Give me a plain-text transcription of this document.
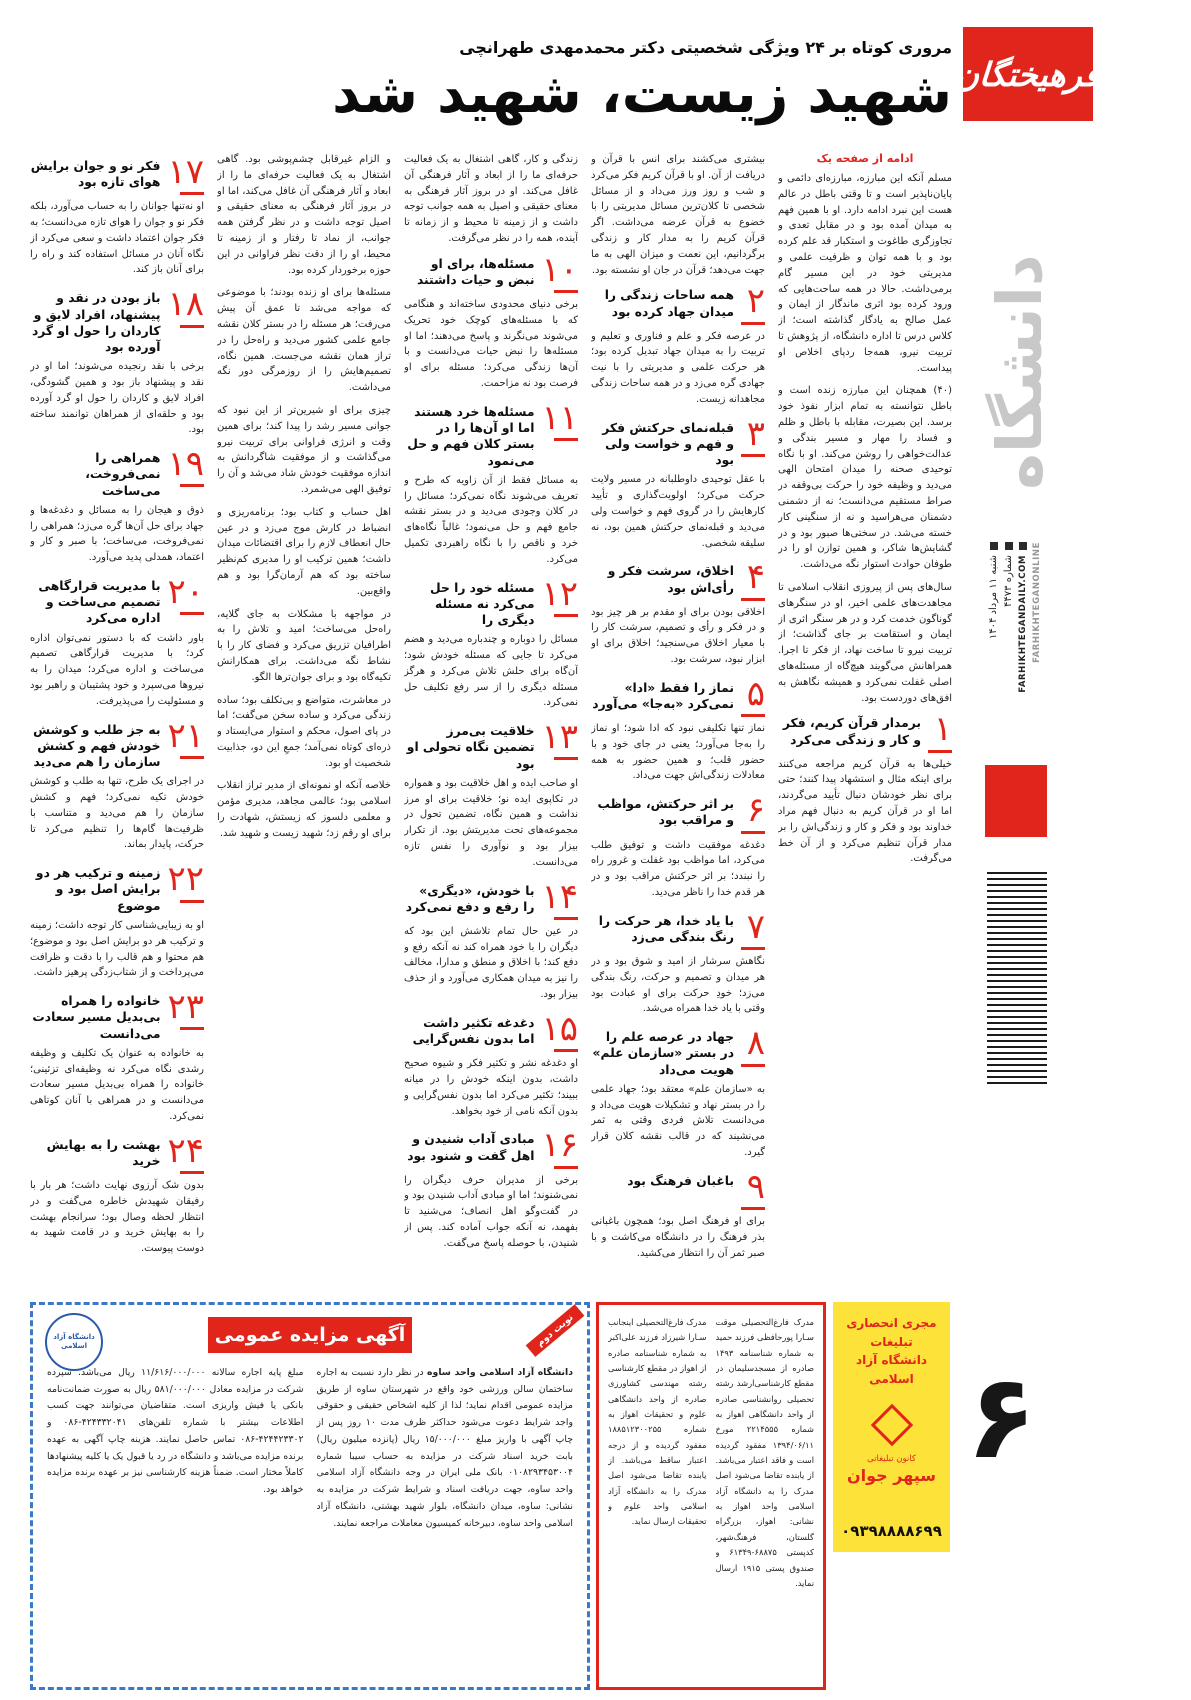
فرهیختگان
دانشگاه
شنبه ۱۱ مرداد ۱۴۰۴
شماره ۴۴۷۳ FARHIKHTEGANDAILY.COM FARHIKHTEGANONLINE
۶
مروری کوتاه بر ۲۴ ویژگی شخصیتی دکتر محمدمهدی طهرانچی
شهید زیست، شهید شد
ادامه از صفحه یک

مسلم آنکه این مبارزه، مبارزه‌ای دائمی و پایان‌ناپذیر است و تا وقتی باطل در عالم هست این نبرد ادامه دارد. او با همین فهم به میدان آمده بود و در مقابل تعدی و تجاوزگری طاغوت و استکبار قد علم کرده بود و با همه توان و ظرفیت علمی و مدیریتی خود در این مسیر گام برمی‌داشت. حالا در همه ساحت‌هایی که ورود کرده بود اثری ماندگار از ایمان و عمل صالح به یادگار گذاشته است؛ از کلاس درس تا اداره دانشگاه، از پژوهش تا تربیت نیرو، همه‌جا ردپای اخلاص او پیداست.

(۴۰) همچنان این مبارزه زنده است و باطل نتوانسته به تمام ابزار نفوذ خود برسد. این بصیرت، مقابله با باطل و ظلم و فساد را مهار و مسیر بندگی و عدالت‌خواهی را روشن می‌کند. او با نگاه توحیدی صحنه را میدان امتحان الهی می‌دید و وظیفه خود را حرکت بی‌وقفه در صراط مستقیم می‌دانست؛ نه از دشمنی دشمنان می‌هراسید و نه از سنگینی کار خسته می‌شد. در سختی‌ها صبور بود و در گشایش‌ها شاکر، و همین توازن او را در طوفان حوادث استوار نگه می‌داشت.

سال‌های پس از پیروزی انقلاب اسلامی تا مجاهدت‌های علمی اخیر، او در سنگرهای گوناگون خدمت کرد و در هر سنگر اثری از ایمان و استقامت بر جای گذاشت؛ از تربیت نیرو تا ساخت نهاد، از فکر تا اجرا. همراهانش می‌گویند هیچ‌گاه از مسئله‌های اصلی غفلت نمی‌کرد و همیشه نگاهش به افق‌های دوردست بود.

۱
برمدار قرآن کریم، فکر و کار و زندگی می‌کرد

خیلی‌ها به قرآن کریم مراجعه می‌کنند برای اینکه مثال و استشهاد پیدا کنند؛ حتی برای نظر خودشان دنبال تأیید می‌گردند، اما او در قرآن کریم به دنبال فهم مراد خداوند بود و فکر و کار و زندگی‌اش را بر مدار قرآن تنظیم می‌کرد و از آن خط می‌گرفت.

بیشتری می‌کشند برای انس با قرآن و دریافت از آن. او با قرآن کریم فکر می‌کرد و شب و روز ورز می‌داد و از مسائل شخصی تا کلان‌ترین مسائل مدیریتی را با خضوع به قرآن عرضه می‌داشت. اگر قرآن کریم را به مدار کار و زندگی برگردانیم، این نعمت و میزان الهی به ما جهت می‌دهد؛ قرآن در جان او نشسته بود.

۲
همه ساحات زندگی را میدان جهاد کرده بود

در عرصه فکر و علم و فناوری و تعلیم و تربیت را به میدان جهاد تبدیل کرده بود؛ هر حرکت علمی و مدیریتی را با نیت جهادی گره می‌زد و در همه ساحات زندگی مجاهدانه زیست.

۳
قبله‌نمای حرکتش فکر و فهم و خواست ولی بود

با عقل توحیدی داوطلبانه در مسیر ولایت حرکت می‌کرد؛ اولویت‌گذاری و تأیید کارهایش را در گروی فهم و خواست ولی می‌دید و قبله‌نمای حرکتش همین بود، نه سلیقه شخصی.

۴
اخلاق، سرشت فکر و رأی‌اش بود

اخلاقی بودن برای او مقدم بر هر چیز بود و در فکر و رأی و تصمیم، سرشت کار را با معیار اخلاق می‌سنجید؛ اخلاق برای او ابزار نبود، سرشت بود.

۵
نماز را فقط «ادا» نمی‌کرد «به‌جا» می‌آورد

نماز تنها تکلیفی نبود که ادا شود؛ او نماز را به‌جا می‌آورد؛ یعنی در جای خود و با حضور قلب؛ و همین حضور به همه معادلات زندگی‌اش جهت می‌داد.

۶
بر اثر حرکتش، مواظب و مراقب بود

دغدغه موفقیت داشت و توفیق طلب می‌کرد، اما مواظب بود غفلت و غرور راه را نبندد؛ بر اثر حرکتش مراقب بود و در هر قدم خدا را ناظر می‌دید.

۷
با یاد خدا، هر حرکت را رنگ بندگی می‌زد

نگاهش سرشار از امید و شوق بود و در هر میدان و تصمیم و حرکت، رنگ بندگی می‌زد؛ خودِ حرکت برای او عبادت بود وقتی با یاد خدا همراه می‌شد.

۸
جهاد در عرصه علم را در بستر «سازمان علم» هویت می‌داد

به «سازمان علم» معتقد بود؛ جهاد علمی را در بستر نهاد و تشکیلات هویت می‌داد و می‌دانست تلاش فردی وقتی به ثمر می‌نشیند که در قالب نقشه کلان قرار گیرد.

۹
باغبان فرهنگ بود

برای او فرهنگ اصل بود؛ همچون باغبانی بذر فرهنگ را در دانشگاه می‌کاشت و با صبر ثمر آن را انتظار می‌کشید.

زندگی و کار، گاهی اشتغال به یک فعالیت حرفه‌ای ما را از ابعاد و آثار فرهنگی آن غافل می‌کند. او در بروز آثار فرهنگی به معنای حقیقی و اصیل به همه جوانب توجه داشت و از زمینه تا محیط و از زمانه تا آینده، همه را در نظر می‌گرفت.

۱۰
مسئله‌ها، برای او نبض و حیات داشتند

برخی دنیای محدودی ساخته‌اند و هنگامی که با مسئله‌های کوچک خود تحریک می‌شوند می‌نگرند و پاسخ می‌دهند؛ اما او مسئله‌ها را نبض حیات می‌دانست و با آن‌ها زندگی می‌کرد؛ مسئله برای او فرصت بود نه مزاحمت.

۱۱
مسئله‌ها خرد هستند اما او آن‌ها را در بستر کلان فهم و حل می‌نمود

به مسائل فقط از آن زاویه که طرح و تعریف می‌شوند نگاه نمی‌کرد؛ مسائل را در کلان وجودی می‌دید و در بستر نقشه جامع فهم و حل می‌نمود؛ غالباً نگاه‌های خرد و ناقص را با نگاه راهبردی تکمیل می‌کرد.

۱۲
مسئله خود را حل می‌کرد نه مسئله دیگری را

مسائل را دوباره و چندباره می‌دید و هضم می‌کرد تا جایی که مسئله خودش شود؛ آن‌گاه برای حلش تلاش می‌کرد و هرگز مسئله دیگری را از سر رفع تکلیف حل نمی‌کرد.

۱۳
خلاقیت بی‌مرز تضمین نگاه تحولی او بود

او صاحب ایده و اهل خلاقیت بود و همواره در تکاپوی ایده نو؛ خلاقیت برای او مرز نداشت و همین نگاه، تضمین تحول در مجموعه‌های تحت مدیریتش بود. از تکرار بیزار بود و نوآوری را نفس تازه می‌دانست.

۱۴
با خودش، «دیگری» را رفع و دفع نمی‌کرد

در عین حال تمام تلاشش این بود که دیگران را با خود همراه کند نه آنکه رفع و دفع کند؛ با اخلاق و منطق و مدارا، مخالف را نیز به میدان همکاری می‌آورد و از حذف بیزار بود.

۱۵
دغدغه تکثیر داشت اما بدون نفس‌گرایی

او دغدغه نشر و تکثیر فکر و شیوه صحیح داشت، بدون اینکه خودش را در میانه ببیند؛ تکثیر می‌کرد اما بدون نفس‌گرایی و بدون آنکه نامی از خود بخواهد.

۱۶
مبادی آداب شنیدن و اهل گفت و شنود بود

برخی از مدیران حرف دیگران را نمی‌شنوند؛ اما او مبادی آداب شنیدن بود و در گفت‌وگو اهل انصاف؛ می‌شنید تا بفهمد، نه آنکه جواب آماده کند. پس از شنیدن، با حوصله پاسخ می‌گفت.

و الزام غیرقابل چشم‌پوشی بود. گاهی اشتغال به یک فعالیت حرفه‌ای ما را از ابعاد و آثار فرهنگی آن غافل می‌کند، اما او در بروز آثار فرهنگی به معنای حقیقی و اصیل توجه داشت و در نظر گرفتن همه جوانب، از نماد تا رفتار و از زمینه تا محیط، او را از دقت نظر فراوانی در این حوزه برخوردار کرده بود.

مسئله‌ها برای او زنده بودند؛ با موضوعی که مواجه می‌شد تا عمق آن پیش می‌رفت؛ هر مسئله را در بستر کلان نقشه جامع علمی کشور می‌دید و راه‌حل را در تراز همان نقشه می‌جست. همین نگاه، تصمیم‌هایش را از روزمرگی دور نگه می‌داشت.

چیزی برای او شیرین‌تر از این نبود که جوانی مسیر رشد را پیدا کند؛ برای همین وقت و انرژی فراوانی برای تربیت نیرو می‌گذاشت و از موفقیت شاگردانش به اندازه موفقیت خودش شاد می‌شد و آن را توفیق الهی می‌شمرد.

اهل حساب و کتاب بود؛ برنامه‌ریزی و انضباط در کارش موج می‌زد و در عین حال انعطاف لازم را برای اقتضائات میدان داشت؛ همین ترکیب او را مدیری کم‌نظیر ساخته بود که هم آرمان‌گرا بود و هم واقع‌بین.

در مواجهه با مشکلات به جای گلایه، راه‌حل می‌ساخت؛ امید و تلاش را به اطرافیان تزریق می‌کرد و فضای کار را با نشاط نگه می‌داشت. برای همکارانش تکیه‌گاه بود و برای جوان‌ترها الگو.

در معاشرت، متواضع و بی‌تکلف بود؛ ساده زندگی می‌کرد و ساده سخن می‌گفت؛ اما در پای اصول، محکم و استوار می‌ایستاد و ذره‌ای کوتاه نمی‌آمد؛ جمعِ این دو، جذابیت شخصیت او بود.

خلاصه آنکه او نمونه‌ای از مدیر تراز انقلاب اسلامی بود؛ عالمی مجاهد، مدیری مؤمن و معلمی دلسوز که زیستش، شهادت را برای او رقم زد؛ شهید زیست و شهید شد.

۱۷
فکر نو و جوان برایش هوای تازه بود

او نه‌تنها جوانان را به حساب می‌آورد، بلکه فکر نو و جوان را هوای تازه می‌دانست؛ به فکر جوان اعتماد داشت و سعی می‌کرد از نگاه آنان در مسائل استفاده کند و راه را برای آنان باز کند.

۱۸
باز بودن در نقد و پیشنهاد، افراد لایق و کاردان را حول او گرد آورده بود

برخی با نقد رنجیده می‌شوند؛ اما او در نقد و پیشنهاد باز بود و همین گشودگی، افراد لایق و کاردان را حول او گرد آورده بود و حلقه‌ای از همراهان توانمند ساخته بود.

۱۹
همراهی را نمی‌فروخت، می‌ساخت

ذوق و هیجان را به مسائل و دغدغه‌ها و جهاد برای حل آن‌ها گره می‌زد؛ همراهی را نمی‌فروخت، می‌ساخت؛ با صبر و کار و اعتماد، همدلی پدید می‌آورد.

۲۰
با مدیریت قرارگاهی تصمیم می‌ساخت و اداره می‌کرد

باور داشت که با دستور نمی‌توان اداره کرد؛ با مدیریت قرارگاهی تصمیم می‌ساخت و اداره می‌کرد؛ میدان را به نیروها می‌سپرد و خود پشتیبان و راهبر بود و مسئولیت را می‌پذیرفت.

۲۱
به جز طلب و کوشش خودش فهم و کشش سازمان را هم می‌دید

در اجرای یک طرح، تنها به طلب و کوشش خودش تکیه نمی‌کرد؛ فهم و کشش سازمان را هم می‌دید و متناسب با ظرفیت‌ها گام‌ها را تنظیم می‌کرد تا حرکت، پایدار بماند.

۲۲
زمینه و ترکیب هر دو برایش اصل بود و موضوع

او به زیبایی‌شناسی کار توجه داشت؛ زمینه و ترکیب هر دو برایش اصل بود و موضوع؛ هم محتوا و هم قالب را با دقت و ظرافت می‌پرداخت و از شتاب‌زدگی پرهیز داشت.

۲۳
خانواده را همراه بی‌بدیل مسیر سعادت می‌دانست

به خانواده به عنوان یک تکلیف و وظیفه رشدی نگاه می‌کرد نه وظیفه‌ای تزئینی؛ خانواده را همراه بی‌بدیل مسیر سعادت می‌دانست و در همراهی با آنان کوتاهی نمی‌کرد.

۲۴
بهشت را به بهایش خرید

بدون شک آرزوی نهایت داشت؛ هر بار با رفیقان شهیدش خاطره می‌گفت و در انتظار لحظه وصال بود؛ سرانجام بهشت را به بهایش خرید و در قامت شهید به دوست پیوست.

دانشگاه آزاد اسلامی	نوبت دوم
آگهی مزایده عمومی
دانشگاه آزاد اسلامی واحد ساوه در نظر دارد نسبت به اجاره ساختمان سالن ورزشی خود واقع در شهرستان ساوه از طریق مزایده عمومی اقدام نماید؛ لذا از کلیه اشخاص حقیقی و حقوقی واجد شرایط دعوت می‌شود حداکثر ظرف مدت ۱۰ روز پس از چاپ آگهی با واریز مبلغ ۱۵/۰۰۰/۰۰۰ ریال (پانزده میلیون ریال) بابت خرید اسناد شرکت در مزایده به حساب سیبا شماره ۰۱۰۸۲۹۳۴۵۳۰۰۴ بانک ملی ایران در وجه دانشگاه آزاد اسلامی واحد ساوه، جهت دریافت اسناد و شرایط شرکت در مزایده به نشانی: ساوه، میدان دانشگاه، بلوار شهید بهشتی، دانشگاه آزاد اسلامی واحد ساوه، دبیرخانه کمیسیون معاملات مراجعه نمایند.
مبلغ پایه اجاره سالانه ۱۱/۶۱۶/۰۰۰/۰۰۰ ریال می‌باشد. سپرده شرکت در مزایده معادل ۵۸۱/۰۰۰/۰۰۰ ریال به صورت ضمانت‌نامه بانکی یا فیش واریزی است. متقاضیان می‌توانند جهت کسب اطلاعات بیشتر با شماره تلفن‌های ۴۲۴۳۳۲۰۴۱-۰۸۶ و ۴۲۴۴۲۳۳۰۲-۰۸۶ تماس حاصل نمایند. هزینه چاپ آگهی به عهده برنده مزایده می‌باشد و دانشگاه در رد یا قبول یک یا کلیه پیشنهادها کاملاً مختار است. ضمناً هزینه کارشناسی نیز بر عهده برنده مزایده خواهد بود.
مدرک فارغ‌التحصیلی موقت سـارا پورحافظی فرزند حمید به شماره شناسنامه ۱۴۹۳ صادره از مسجدسلیمان در مقطع کارشناسی‌ارشد رشته تحصیلی روانشناسی صادره از واحد دانشگاهی اهواز به شماره ۲۲۱۴۵۵۵ مورخ ۱۳۹۴/۰۶/۱۱ مفقود گردیده است و فاقد اعتبار می‌باشد. از یابنده تقاضا می‌شود اصل مدرک را به دانشگاه آزاد اسلامی واحد اهواز به نشانی: اهواز، بزرگراه گلستان، فرهنگ‌شهر، کدپستی ۶۸۸۷۵-۶۱۳۴۹ و صندوق پستی ۱۹۱۵ ارسال نماید.
مدرک فارغ‌التحصیلی اینجانب سـارا شیرزاد فرزند علی‌اکبر به شماره شناسنامه صادره از اهواز در مقطع کارشناسی رشته مهندسی کشاورزی صادره از واحد دانشگاهی علوم و تحقیقات اهواز به شماره ۱۸۸۵۱۲۳۰۰۲۵۵ مفقود گردیده و از درجه اعتبار ساقط می‌باشد. از یابنده تقاضا می‌شود اصل مدرک را به دانشگاه آزاد اسلامی واحد علوم و تحقیقات ارسال نماید.
مجری انحصاری تبلیغات
دانشگاه آزاد اسلامی
کانون تبلیغاتی
سپهر جوان
۰۹۳۹۸۸۸۸۶۹۹
